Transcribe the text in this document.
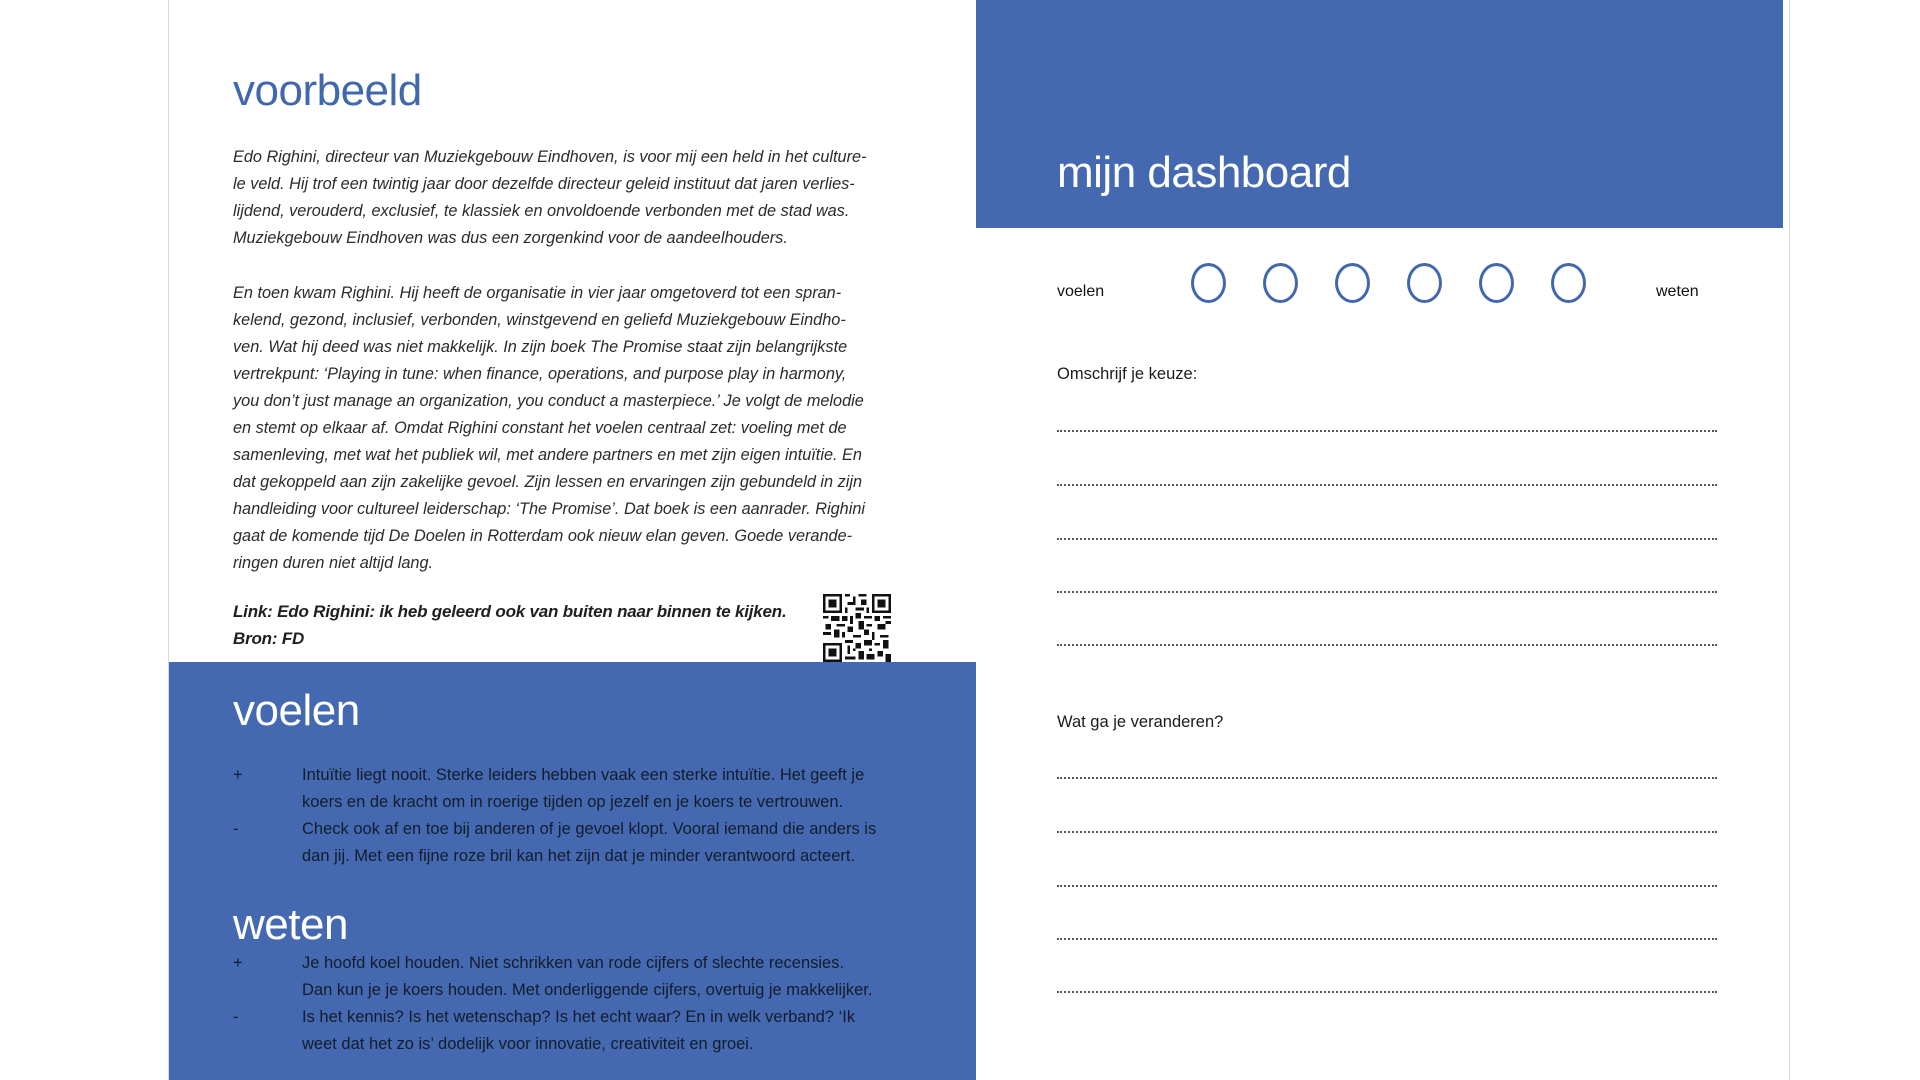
voorbeeld

Edo Righini, directeur van Muziekgebouw Eindhoven, is voor mij een held in het culture-
le veld. Hij trof een twintig jaar door dezelfde directeur geleid instituut dat jaren verlies-
lijdend, verouderd, exclusief, te klassiek en onvoldoende verbonden met de stad was.
Muziekgebouw Eindhoven was dus een zorgenkind voor de aandeelhouders.

En toen kwam Righini. Hij heeft de organisatie in vier jaar omgetoverd tot een spran-
kelend, gezond, inclusief, verbonden, winstgevend en geliefd Muziekgebouw Eindho-
ven. Wat hij deed was niet makkelijk. In zijn boek The Promise staat zijn belangrijkste
vertrekpunt: ‘Playing in tune: when finance, operations, and purpose play in harmony,
you don’t just manage an organization, you conduct a masterpiece.’ Je volgt de melodie
en stemt op elkaar af. Omdat Righini constant het voelen centraal zet: voeling met de
samenleving, met wat het publiek wil, met andere partners en met zijn eigen intuïtie. En
dat gekoppeld aan zijn zakelijke gevoel. Zijn lessen en ervaringen zijn gebundeld in zijn
handleiding voor cultureel leiderschap: ‘The Promise’. Dat boek is een aanrader. Righini
gaat de komende tijd De Doelen in Rotterdam ook nieuw elan geven. Goede verande-
ringen duren niet altijd lang.

Link: Edo Righini: ik heb geleerd ook van buiten naar binnen te kijken.
Bron: FD
voelen
+	Intuïtie liegt nooit. Sterke leiders hebben vaak een sterke intuïtie. Het geeft je
koers en de kracht om in roerige tijden op jezelf en je koers te vertrouwen.
-	Check ook af en toe bij anderen of je gevoel klopt. Vooral iemand die anders is
dan jij. Met een fijne roze bril kan het zijn dat je minder verantwoord acteert.
weten
+	Je hoofd koel houden. Niet schrikken van rode cijfers of slechte recensies.
Dan kun je je koers houden. Met onderliggende cijfers, overtuig je makkelijker.
-	Is het kennis? Is het wetenschap? Is het echt waar? En in welk verband? ‘Ik
weet dat het zo is’ dodelijk voor innovatie, creativiteit en groei.
mijn dashboard
voelen	weten
Omschrijf je keuze:
Wat ga je veranderen?
